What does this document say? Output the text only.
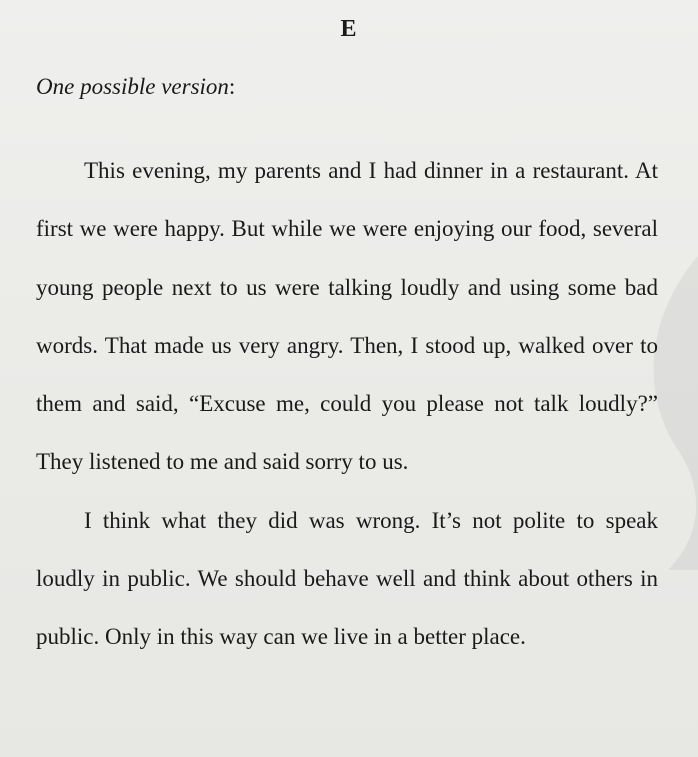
E
One possible version:

This evening, my parents and I had dinner in a restaurant. At first we were happy. But while we were enjoying our food, several young people next to us were talking loudly and using some bad words. That made us very angry. Then, I stood up, walked over to them and said, “Excuse me, could you please not talk loudly?” They listened to me and said sorry to us.

I think what they did was wrong. It’s not polite to speak loudly in public. We should behave well and think about others in public. Only in this way can we live in a better place.
